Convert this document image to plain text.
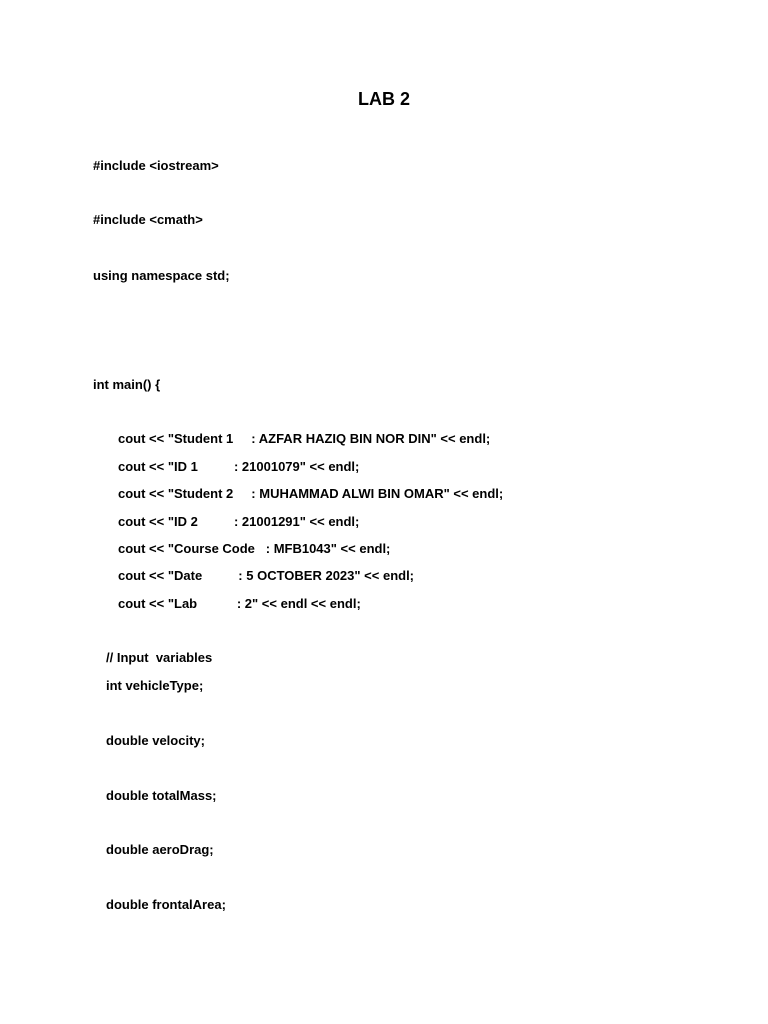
LAB 2
#include <iostream>
#include <cmath>
using namespace std;
int main() {
cout << "Student 1     : AZFAR HAZIQ BIN NOR DIN" << endl;
cout << "ID 1          : 21001079" << endl;
cout << "Student 2     : MUHAMMAD ALWI BIN OMAR" << endl;
cout << "ID 2          : 21001291" << endl;
cout << "Course Code   : MFB1043" << endl;
cout << "Date          : 5 OCTOBER 2023" << endl;
cout << "Lab           : 2" << endl << endl;
// Input  variables
int vehicleType;
double velocity;
double totalMass;
double aeroDrag;
double frontalArea;
